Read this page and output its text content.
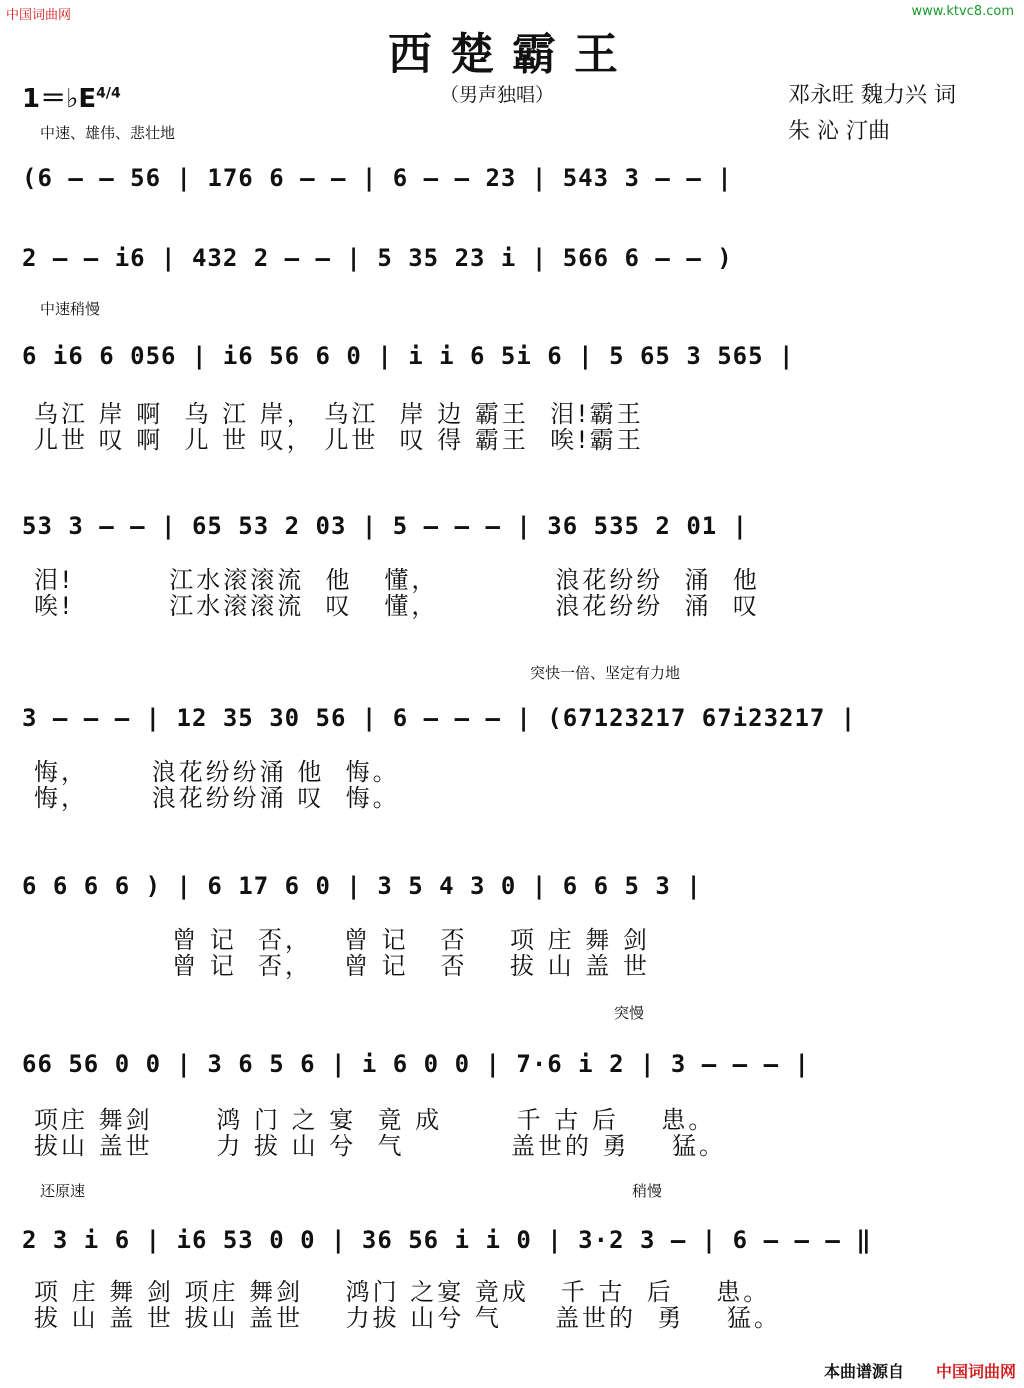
中国词曲网	www.ktvc8.com
西楚霸王
$1=♭E^{4/4}$	（男声独唱）	邓永旺 魏力兴 词
朱 沁 汀曲
中速、雄伟、悲壮地
(6 — — 56 | 176 6 — — | 6 — — 23 | 543 3 — — |
2 — — i6 | 432 2 — — | 5 35 23 i | 566 6 — — )
中速稍慢
6 i6 6 056 | i6 56 6 0 | i i 6 5i 6 | 5 65 3 565 |
乌江 岸 啊  乌 江 岸， 乌江  岸 边 霸王  泪!霸王
儿世 叹 啊  儿 世 叹， 儿世  叹 得 霸王  唉!霸王
53 3 — — | 65 53 2 03 | 5 — — — | 36 535 2 01 |
泪!         江水滚滚流  他   懂，           浪花纷纷  涌  他
唉!         江水滚滚流  叹   懂，           浪花纷纷  涌  叹
突快一倍、坚定有力地
3 — — — | 12 35 30 56 | 6 — — — | (67123217 67i23217 |
悔，      浪花纷纷涌 他  悔。
悔，      浪花纷纷涌 叹  悔。
6 6 6 6 ) | 6 17 6 0 | 3 5 4 3 0 | 6 6 5 3 |
曾 记  否，   曾 记   否    项 庄 舞 剑
曾 记  否，   曾 记   否    拔 山 盖 世
突慢
66 56 0 0 | 3 6 5 6 | i 6 0 0 | 7·6 i 2 | 3 — — — |
项庄 舞剑      鸿 门 之 宴  竟 成       千 古 后    患。
拔山 盖世      力 拔 山 兮  气          盖世的 勇    猛。
还原速	稍慢
2 3 i 6 | i6 53 0 0 | 36 56 i i 0 | 3·2 3 — | 6 — — — ‖
项 庄 舞 剑 项庄 舞剑    鸿门 之宴 竟成   千 古  后    患。
拔 山 盖 世 拔山 盖世    力拔 山兮 气     盖世的  勇    猛。
本曲谱源自 中国词曲网
